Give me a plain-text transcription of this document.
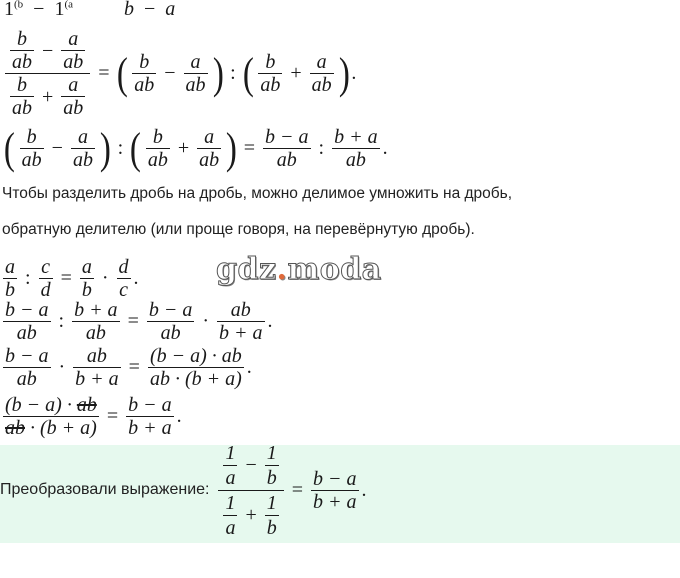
$1^{(b} - 1^{(a}$	b − a
$\frac{\frac{b}{ab} - \frac{a}{ab}}{\frac{b}{ab} + \frac{a}{ab}}$ = ( $\frac{b}{ab} - \frac{a}{ab}$ ) : ( $\frac{b}{ab} + \frac{a}{ab}$ ) .
( $\frac{b}{ab} - \frac{a}{ab}$ ) : ( $\frac{b}{ab} + \frac{a}{ab}$ ) = $\frac{b - a}{ab}$ : $\frac{b + a}{ab}$ .
Чтобы разделить дробь на дробь, можно делимое умножить на дробь,
обратную делителю (или проще говоря, на перевёрнутую дробь).
$\frac{a}{b}$ : $\frac{c}{d} = \frac{a}{b} \cdot \frac{d}{c}$ .	gdz.moda
$\frac{b - a}{ab}$ : $\frac{b + a}{ab} = \frac{b - a}{ab} \cdot \frac{ab}{b + a}$ .
$\frac{b - a}{ab} \cdot \frac{ab}{b + a} = \frac{(b - a) \cdot ab}{ab \cdot (b + a)}$ .
$\frac{(b - a) \cdot ab}{ab \cdot (b + a)} = \frac{b - a}{b + a}$ .
Преобразовали выражение: $\frac{\frac{1}{a} - \frac{1}{b}}{\frac{1}{a} + \frac{1}{b}} = \frac{b - a}{b + a}$ .
